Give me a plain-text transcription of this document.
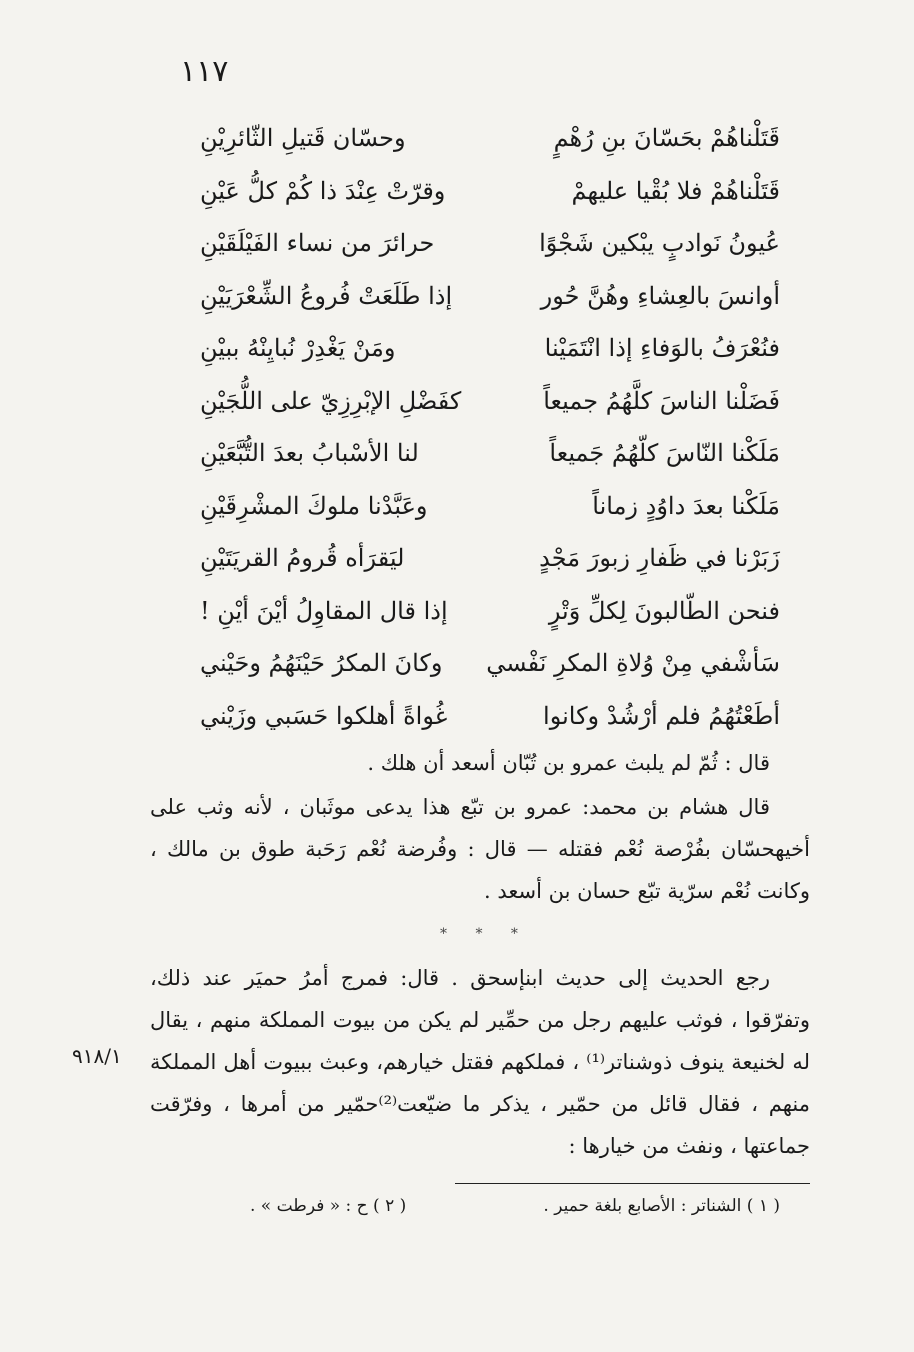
١١٧
قَتَلْناهُمْ بحَسّانَ بنِ رُهْمٍ
وحسّان قَتيلِ الثّائرِيْنِ
قَتَلْناهُمْ فلا بُقْيا عليهمْ
وقرّتْ عِنْدَ ذا كُمْ كلُّ عَيْنِ
عُيونُ نَوادبٍ يبْكين شَجْوًا
حرائرَ من نساء الفَيْلَقَيْنِ
أوانسَ بالعِشاءِ وهُنَّ حُور
إذا طَلَعَتْ فُروعُ الشِّعْرَيَيْنِ
فنُعْرَفُ بالوَفاءِ إذا انْتَمَيْنا
ومَنْ يَغْدِرْ نُبايِنْهُ ببيْنِ
فَضَلْنا الناسَ كلَّهُمُ جميعاً
كفَضْلِ الإبْرِزِيّ على اللُّجَيْنِ
مَلَكْنا النّاسَ كلّهُمُ جَميعاً
لنا الأسْبابُ بعدَ التُّبَّعَيْنِ
مَلَكْنا بعدَ داوُدٍ زماناً
وعَبَّدْنا ملوكَ المشْرِقَيْنِ
زَبَرْنا في ظَفارِ زبورَ مَجْدٍ
ليَقرَأه قُرومُ القريَتَيْنِ
فنحن الطّالبونَ لِكلِّ وَتْرٍ
إذا قال المقاوِلُ أيْنَ أيْنِ !
سَأشْفي مِنْ وُلاةِ المكرِ نَفْسي
وكانَ المكرُ حَيْنَهُمُ وحَيْني
أطَعْتُهُمُ فلم أرْشُدْ وكانوا
غُواةً أهلكوا حَسَبي وزَيْني

قال : ثُمّ لم يلبث عمرو بن تُبّان أسعد أن هلك .

قال هشام بن محمد: عمرو بن تبّع هذا يدعى موثَبان ، لأنه وثب على أخيهحسّان بفُرْصة نُعْم فقتله — قال : وفُرضة نُعْم رَحَبة طوق بن مالك ، وكانت نُعْم سرّية تبّع حسان بن أسعد .

* * *

رجع الحديث إلى حديث ابنإسحق . قال: فمرج أمرُ حميَر عند ذلك، وتفرّقوا ، فوثب عليهم رجل من حمِّير لم يكن من بيوت المملكة منهم ، يقال له لخنيعة ينوف ذوشناتر⁽¹⁾ ، فملكهم فقتل خيارهم، وعبث ببيوت أهل المملكة منهم ، فقال قائل من حمّير ، يذكر ما ضيّعت⁽²⁾حمّير من أمرها ، وفرّقت جماعتها ، ونفث من خيارها :

٩١٨/١
( ١ ) الشناتر : الأصابع بلغة حمير .
( ٢ ) ح : « فرطت » .
